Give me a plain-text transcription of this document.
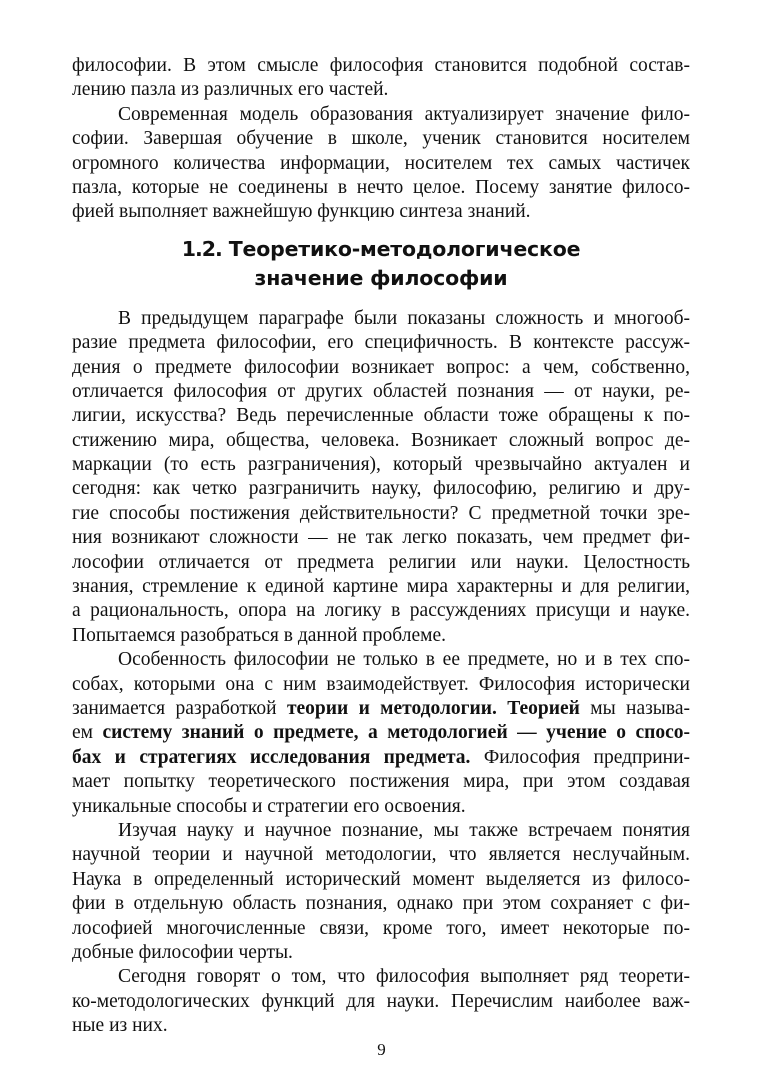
философии. В этом смысле философия становится подобной состав-
лению пазла из различных его частей.
Современная модель образования актуализирует значение фило-
софии. Завершая обучение в школе, ученик становится носителем
огромного количества информации, носителем тех самых частичек
пазла, которые не соединены в нечто целое. Посему занятие филосо-
фией выполняет важнейшую функцию синтеза знаний.
1.2. Теоретико-методологическое
значение философии
В предыдущем параграфе были показаны сложность и многооб-
разие предмета философии, его специфичность. В контексте рассуж-
дения о предмете философии возникает вопрос: а чем, собственно,
отличается философия от других областей познания — от науки, ре-
лигии, искусства? Ведь перечисленные области тоже обращены к по-
стижению мира, общества, человека. Возникает сложный вопрос де-
маркации (то есть разграничения), который чрезвычайно актуален и
сегодня: как четко разграничить науку, философию, религию и дру-
гие способы постижения действительности? С предметной точки зре-
ния возникают сложности — не так легко показать, чем предмет фи-
лософии отличается от предмета религии или науки. Целостность
знания, стремление к единой картине мира характерны и для религии,
а рациональность, опора на логику в рассуждениях присущи и науке.
Попытаемся разобраться в данной проблеме.
Особенность философии не только в ее предмете, но и в тех спо-
собах, которыми она с ним взаимодействует. Философия исторически
занимается разработкой теории и методологии. Теорией мы называ-
ем систему знаний о предмете, а методологией — учение о спосо-
бах и стратегиях исследования предмета. Философия предприни-
мает попытку теоретического постижения мира, при этом создавая
уникальные способы и стратегии его освоения.
Изучая науку и научное познание, мы также встречаем понятия
научной теории и научной методологии, что является неслучайным.
Наука в определенный исторический момент выделяется из филосо-
фии в отдельную область познания, однако при этом сохраняет с фи-
лософией многочисленные связи, кроме того, имеет некоторые по-
добные философии черты.
Сегодня говорят о том, что философия выполняет ряд теорети-
ко-методологических функций для науки. Перечислим наиболее важ-
ные из них.
9
